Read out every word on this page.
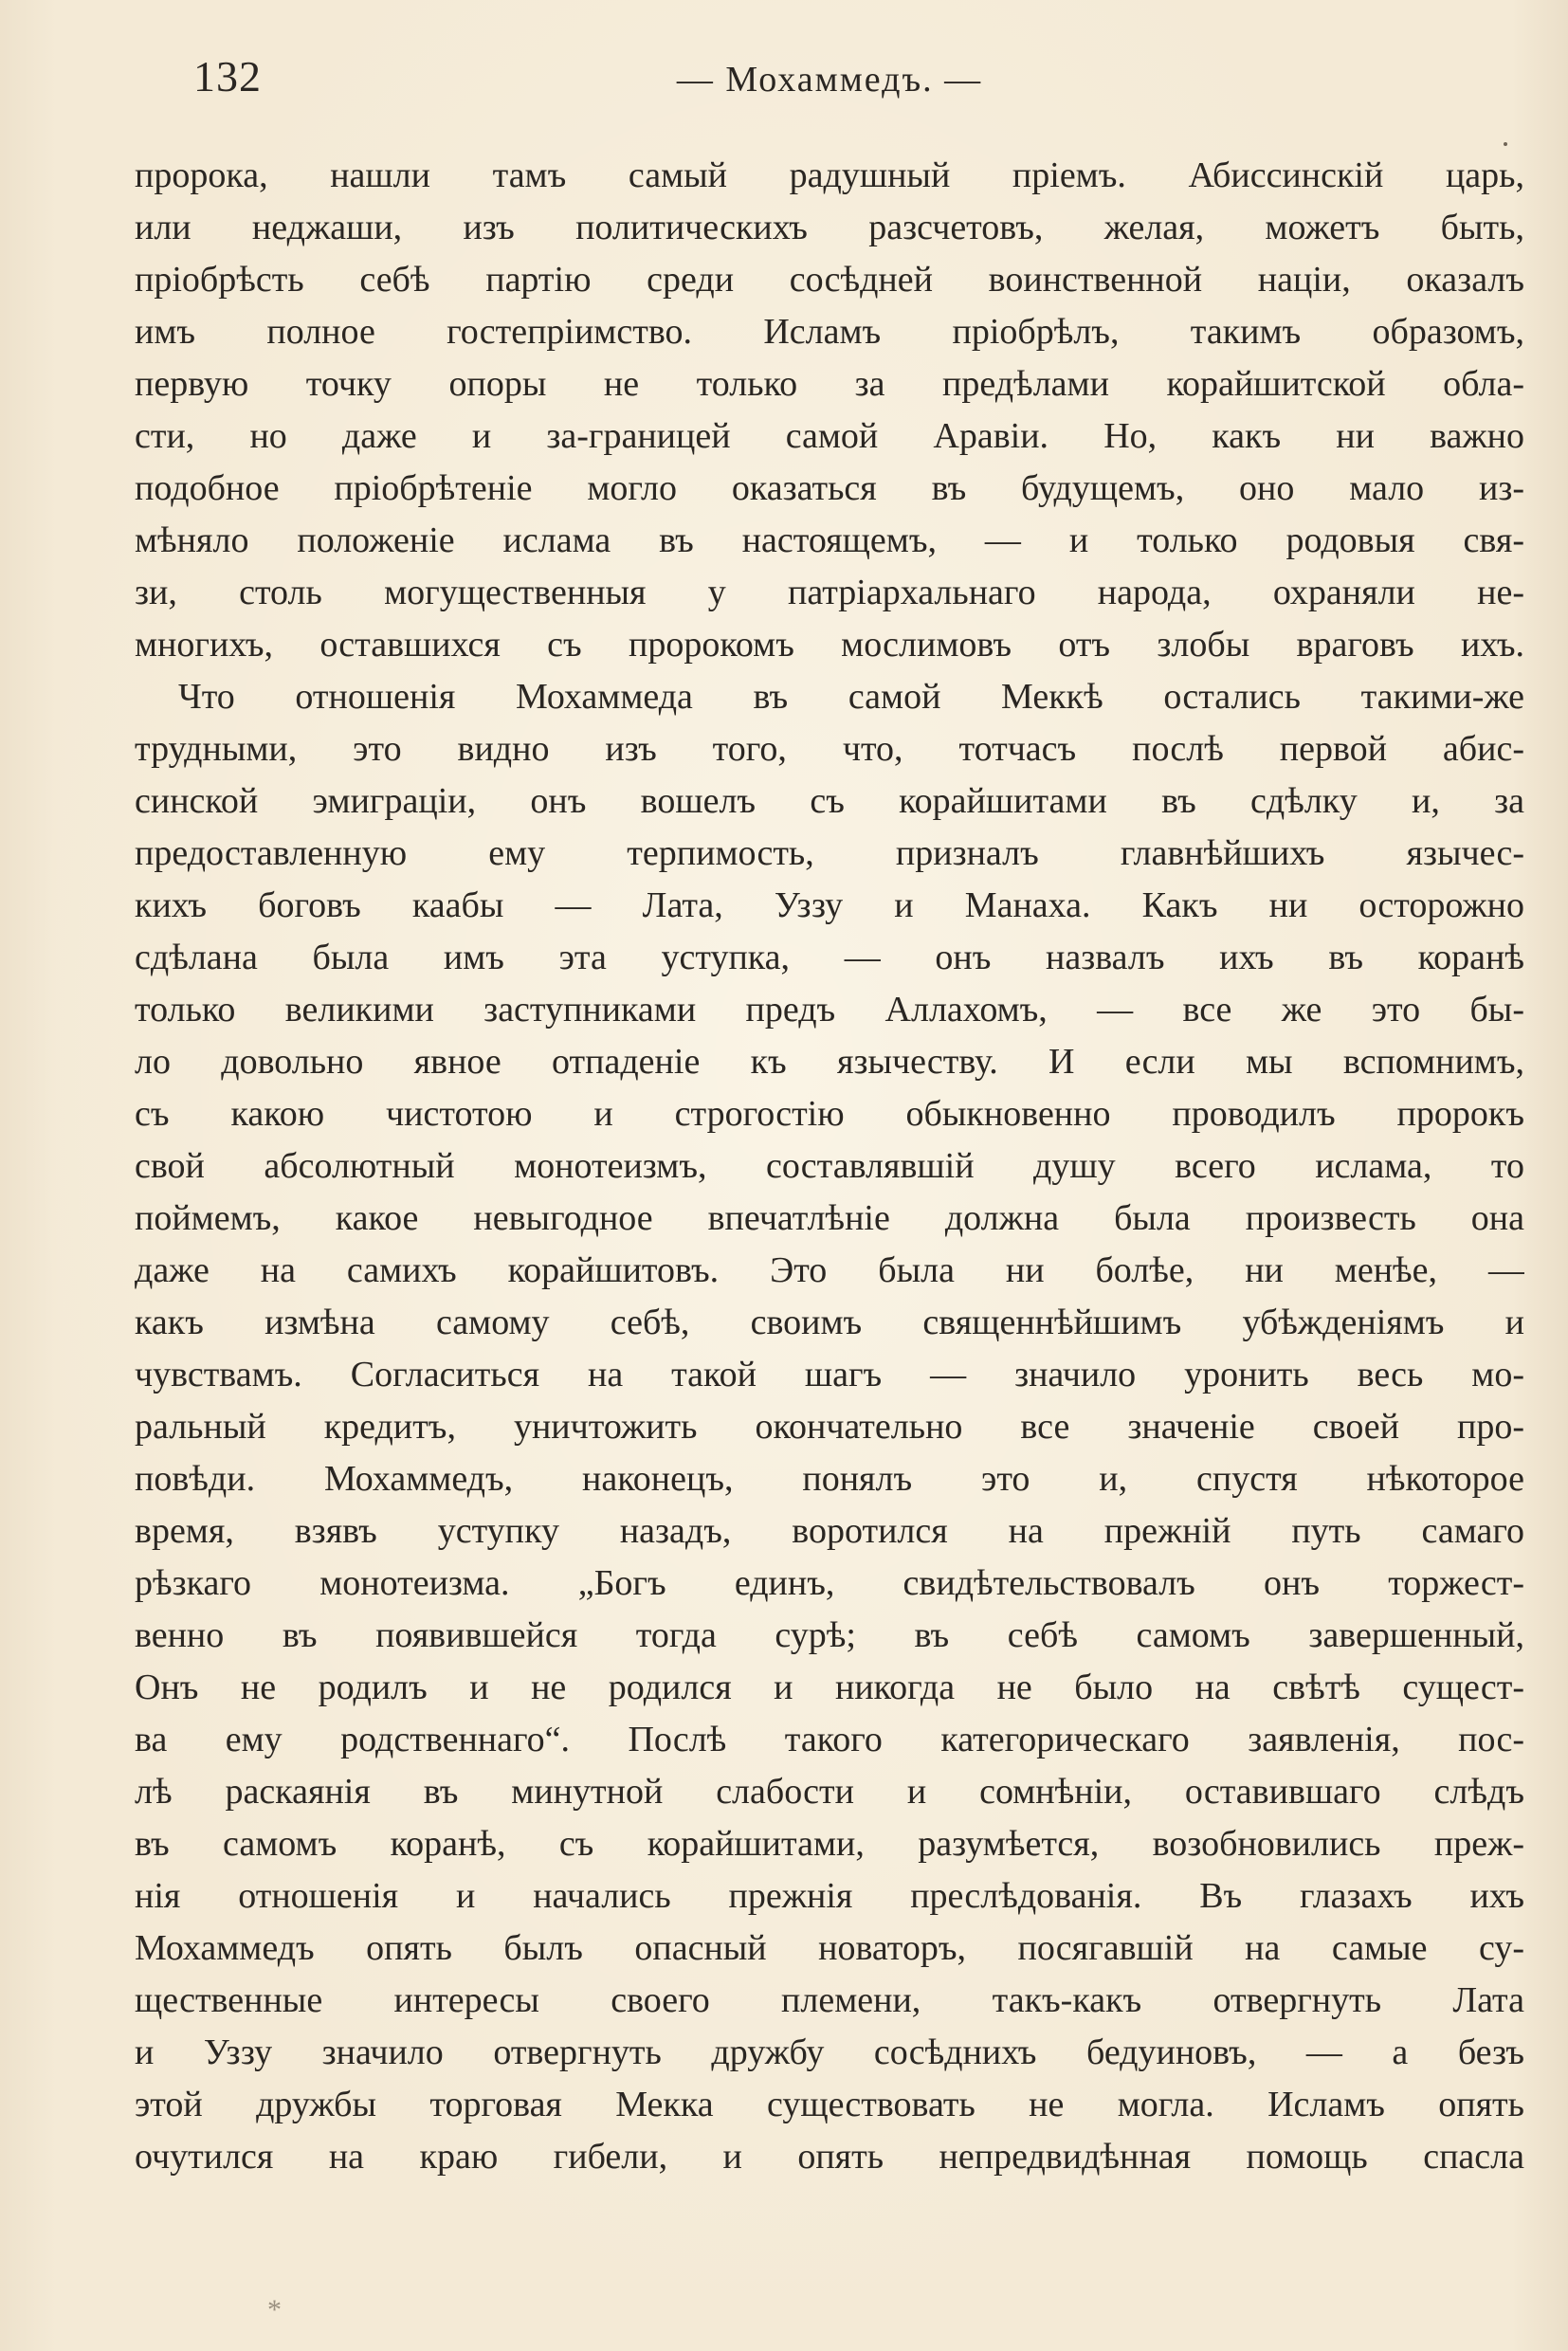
132	— Мохаммедъ. —
пророка, нашли тамъ самый радушный прiемъ. Абиссинскiй царь,
или неджаши, изъ политическихъ разсчетовъ, желая, можетъ быть,
прiобрѣсть себѣ партiю среди сосѣдней воинственной нацiи, оказалъ
имъ полное гостепрiимство. Исламъ прiобрѣлъ, такимъ образомъ,
первую точку опоры не только за предѣлами корайшитской обла-
сти, но даже и за-границей самой Аравiи. Но, какъ ни важно
подобное прiобрѣтенiе могло оказаться въ будущемъ, оно мало из-
мѣняло положенiе ислама въ настоящемъ, — и только родовыя свя-
зи, столь могущественныя у патрiархальнаго народа, охраняли не-
многихъ, оставшихся съ пророкомъ мослимовъ отъ злобы враговъ ихъ.
Что отношенiя Мохаммеда въ самой Меккѣ остались такими-же
трудными, это видно изъ того, что, тотчасъ послѣ первой абис-
синской эмиграцiи, онъ вошелъ съ корайшитами въ сдѣлку и, за
предоставленную ему терпимость, призналъ главнѣйшихъ язычес-
кихъ боговъ каабы — Лата, Уззу и Манаха. Какъ ни осторожно
сдѣлана была имъ эта уступка, — онъ назвалъ ихъ въ коранѣ
только великими заступниками предъ Аллахомъ, — все же это бы-
ло довольно явное отпаденiе къ язычеству. И если мы вспомнимъ,
съ какою чистотою и строгостiю обыкновенно проводилъ пророкъ
свой абсолютный монотеизмъ, составлявшiй душу всего ислама, то
поймемъ, какое невыгодное впечатлѣнiе должна была произвесть она
даже на самихъ корайшитовъ. Это была ни болѣе, ни менѣе, —
какъ измѣна самому себѣ, своимъ священнѣйшимъ убѣжденiямъ и
чувствамъ. Согласиться на такой шагъ — значило уронить весь мо-
ральный кредитъ, уничтожить окончательно все значенiе своей про-
повѣди. Мохаммедъ, наконецъ, понялъ это и, спустя нѣкоторое
время, взявъ уступку назадъ, воротился на прежнiй путь самаго
рѣзкаго монотеизма. „Богъ единъ, свидѣтельствовалъ онъ торжест-
венно въ появившейся тогда сурѣ; въ себѣ самомъ завершенный,
Онъ не родилъ и не родился и никогда не было на свѣтѣ сущест-
ва ему родственнаго“. Послѣ такого категорическаго заявленiя, пос-
лѣ раскаянiя въ минутной слабости и сомнѣнiи, оставившаго слѣдъ
въ самомъ коранѣ, съ корайшитами, разумѣется, возобновились преж-
нiя отношенiя и начались прежнiя преслѣдованiя. Въ глазахъ ихъ
Мохаммедъ опять былъ опасный новаторъ, посягавшiй на самые су-
щественные интересы своего племени, такъ-какъ отвергнуть Лата
и Уззу значило отвергнуть дружбу сосѣднихъ бедуиновъ, — а безъ
этой дружбы торговая Мекка существовать не могла. Исламъ опять
очутился на краю гибели, и опять непредвидѣнная помощь спасла
*
